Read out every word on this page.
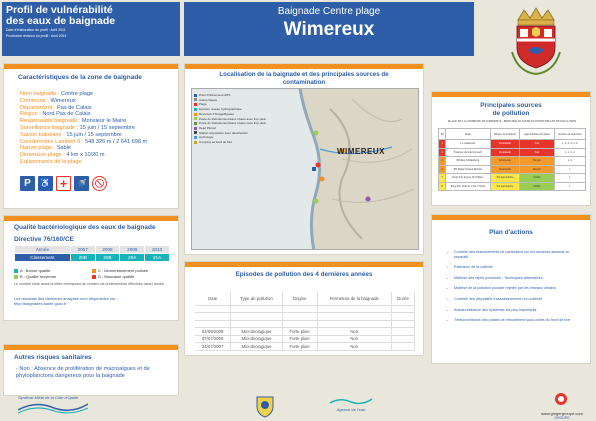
Profil de vulnérabilité
des eaux de baignade
Date d'élaboration du profil : Avril 2011
Prochaine révision du profil : Avril 2014
Baignade Centre plage
Wimereux
Caractéristiques de la zone de baignade
Nom baignade : Centre plage
Commune : Wimereux
Département : Pas de Calais
Région : Nord Pas de Calais
Responsable baignade : Monsieur le Maire
Surveillance baignade : 15 juin / 15 septembre
Saison balnéaire : 15 juin / 15 septembre
Coordonnées Lambert II : 548 326 m / 2 641 698 m
Nature plage : Sable
Dimension plage : 4 km x 10/20 m
Equipements de la plage
P	♿ +	🚿	🚫
Qualité bactériologique des eaux de baignade
Directive 76/160/CE
Année	2007	2008	2009	2010
Classement	20B	20B	20A	21A
A : Bonne qualité	C : Momentanément polluée
B : Qualité moyenne	D : Mauvaise qualité
Le nombre situé avant la lettre correspond au nombre de prélèvements effectués dans l'année.
Les résultats des dernières analyses sont disponibles sur : http://baignades.sante.gouv.fr
Autres risques sanitaires

- Non : Absence de prolifération de macroalgues et de phytoplanctons dangereux pour la baignade

Localisation de la baignade et des principales sources de
contamination
Point Prélèvement ARS
Autres Rejets
Plage
Exutoire réseau hydrographique
Déversoir d'Orage/Bypass
Poste de Refoulement Eaux Usées avec trop plein
Poste de Refoulement Eaux Usées sans trop plein
Rejet Pluvial
Station d'épuration avec désinfection
Hydrologie
Camping en bord de Mer
WIMEREUX
Episodes de pollution des 4 dernières années
Date	Type de pollution	Origine	Fermeture de la baignade	Durée

04/09/2009	Microbiologique	Forte pluie	Non	
07/07/2009	Microbiologique	Forte pluie	Non	
24/07/2007	Microbiologique	Forte pluie	Non	
Principales sources
de pollution
PLAGE DE LA COMMUNE DE WIMEREUX - PRINCIPALES SOURCES POTENTIELLES DE POLLUTION
ID	Rejet	Risque de pollution	Appréciation du risque	Actions de réduction
1	Le wimereux	Permanent	Fort	1, 2, 3, 4, 5, 6
2	Exutoire du fond de Golf	Permanent	Fort	1, 2, 3, 4
3	PR Rue Schmelberg	Ponctuelle	Moyen	1, 4
4	PR Digue Station Marine	Ponctuelle	Moyen	1
5	Poste EU Ageon, Rd Thiers	Exceptionnelle	Faible	1
6	Poste EU Pont de Char à Voile	Exceptionnelle	Faible	1
Plan d'actions
– Contrôle des branchements de particuliers sur les secteurs assainis en séparatif
– Extension de la collecte
– Maîtrise des rejets ponctuels - Techniques alternatives
– Maîtrise de la pollution pluviale rejetée par les réseaux urbains
– Contrôle des dispositifs d'assainissement non collectif
– Autosurveillance des systèmes les plus importants
– Télésurveillance des postes de refoulement sous-voiles du front de mer
Syndicat Mixte de la Côte d'Opale
Agence de l'eau
www.gingergroupe.com
GROUPE
